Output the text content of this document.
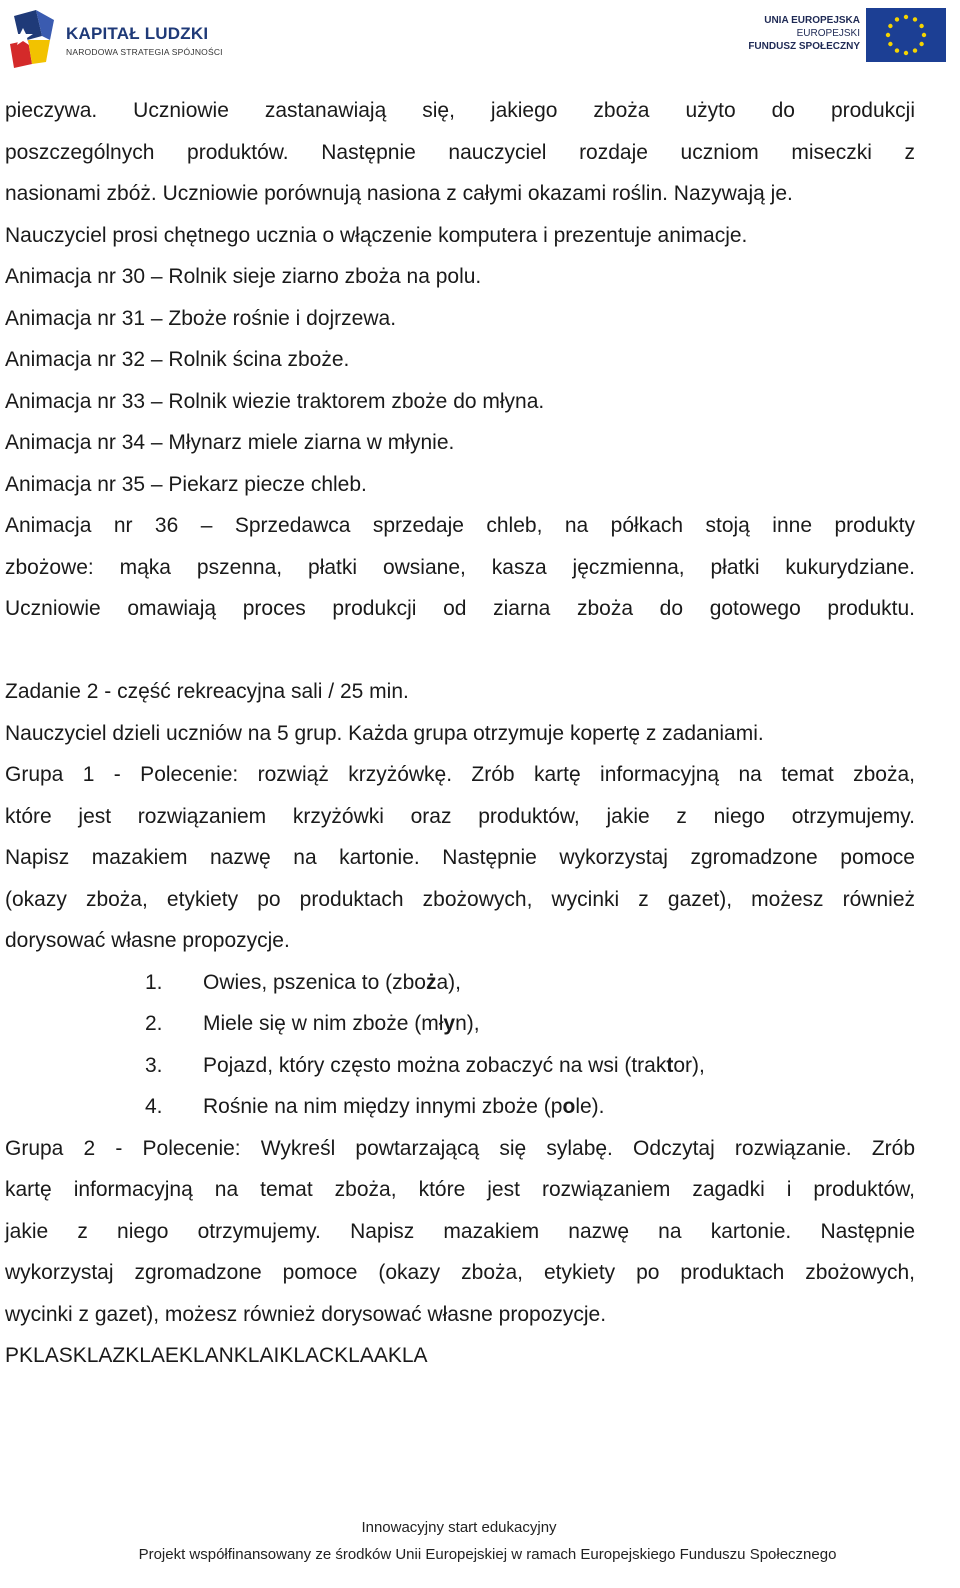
KAPITAŁ LUDZKI
NARODOWA STRATEGIA SPÓJNOŚCI
UNIA EUROPEJSKA
EUROPEJSKI
FUNDUSZ SPOŁECZNY

pieczywa. Uczniowie zastanawiają się, jakiego zboża użyto do produkcji

poszczególnych produktów. Następnie nauczyciel rozdaje uczniom miseczki z

nasionami zbóż. Uczniowie porównują nasiona z całymi okazami roślin. Nazywają je.

Nauczyciel prosi chętnego ucznia o włączenie komputera i prezentuje animacje.

Animacja nr 30 – Rolnik sieje ziarno zboża na polu.

Animacja nr 31 – Zboże rośnie i dojrzewa.

Animacja nr 32 – Rolnik ścina zboże.

Animacja nr 33 – Rolnik wiezie traktorem zboże do młyna.

Animacja nr 34 – Młynarz miele ziarna w młynie.

Animacja nr 35 – Piekarz piecze chleb.

Animacja nr 36 – Sprzedawca sprzedaje chleb, na półkach stoją inne produkty

zbożowe: mąka pszenna, płatki owsiane, kasza jęczmienna, płatki kukurydziane.

Uczniowie omawiają proces produkcji od ziarna zboża do gotowego produktu.

Zadanie 2 - część rekreacyjna sali / 25 min.

Nauczyciel dzieli uczniów na 5 grup. Każda grupa otrzymuje kopertę z zadaniami.

Grupa 1 - Polecenie: rozwiąż krzyżówkę. Zrób kartę informacyjną na temat zboża,

które jest rozwiązaniem krzyżówki oraz produktów, jakie z niego otrzymujemy.

Napisz mazakiem nazwę na kartonie. Następnie wykorzystaj zgromadzone pomoce

(okazy zboża, etykiety po produktach zbożowych, wycinki z gazet), możesz również

dorysować własne propozycje.

1. Owies, pszenica to (zboża),
2. Miele się w nim zboże (młyn),
3. Pojazd, który często można zobaczyć na wsi (traktor),
4. Rośnie na nim między innymi zboże (pole).

Grupa 2 - Polecenie: Wykreśl powtarzającą się sylabę. Odczytaj rozwiązanie. Zrób

kartę informacyjną na temat zboża, które jest rozwiązaniem zagadki i produktów,

jakie z niego otrzymujemy. Napisz mazakiem nazwę na kartonie. Następnie

wykorzystaj zgromadzone pomoce (okazy zboża, etykiety po produktach zbożowych,

wycinki z gazet), możesz również dorysować własne propozycje.

PKLASKLAZKLAEKLANKLAIKLACKLAAKLA

Innowacyjny start edukacyjny
Projekt współfinansowany ze środków Unii Europejskiej w ramach Europejskiego Funduszu Społecznego
